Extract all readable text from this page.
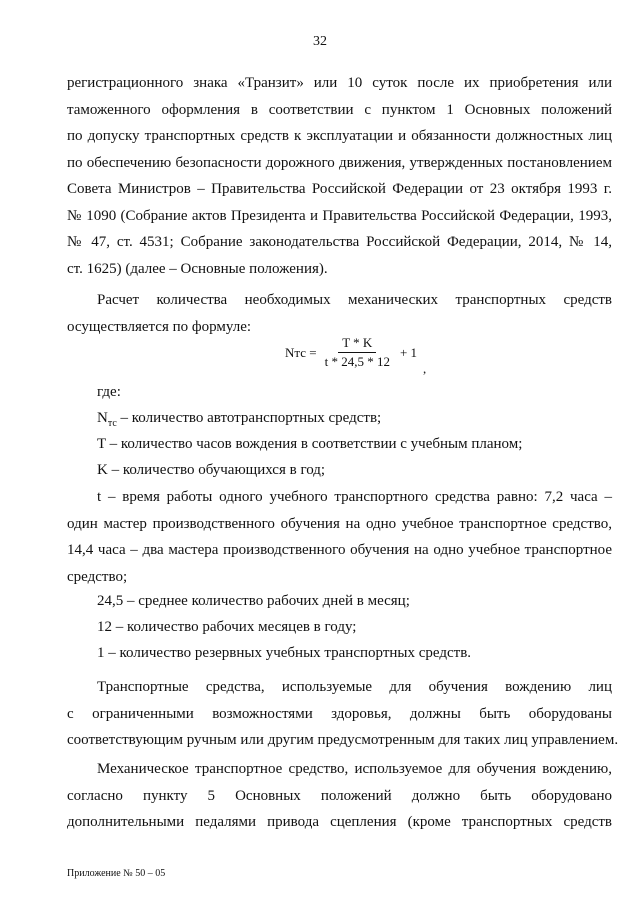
32
регистрационного знака «Транзит» или 10 суток после их приобретения или
таможенного оформления в соответствии с пунктом 1 Основных положений
по допуску транспортных средств к эксплуатации и обязанности должностных лиц
по обеспечению безопасности дорожного движения, утвержденных постановлением
Совета Министров – Правительства Российской Федерации от 23 октября 1993 г.
№ 1090 (Собрание актов Президента и Правительства Российской Федерации, 1993,
№ 47, ст. 4531; Собрание законодательства Российской Федерации, 2014, № 14,
ст. 1625) (далее – Основные положения).
Расчет количества необходимых механических транспортных средств
осуществляется по формуле:
Nтс = $\frac{T * K}{t * 24,5 * 12} + 1$
,
где:
$N_{тс}$ – количество автотранспортных средств;
T – количество часов вождения в соответствии с учебным планом;
K – количество обучающихся в год;
t – время работы одного учебного транспортного средства равно: 7,2 часа –
один мастер производственного обучения на одно учебное транспортное средство,
14,4 часа – два мастера производственного обучения на одно учебное транспортное
средство;
24,5 – среднее количество рабочих дней в месяц;
12 – количество рабочих месяцев в году;
1 – количество резервных учебных транспортных средств.
Транспортные средства, используемые для обучения вождению лиц
с ограниченными возможностями здоровья, должны быть оборудованы
соответствующим ручным или другим предусмотренным для таких лиц управлением.
Механическое транспортное средство, используемое для обучения вождению,
согласно пункту 5 Основных положений должно быть оборудовано
дополнительными педалями привода сцепления (кроме транспортных средств
Приложение № 50 – 05
